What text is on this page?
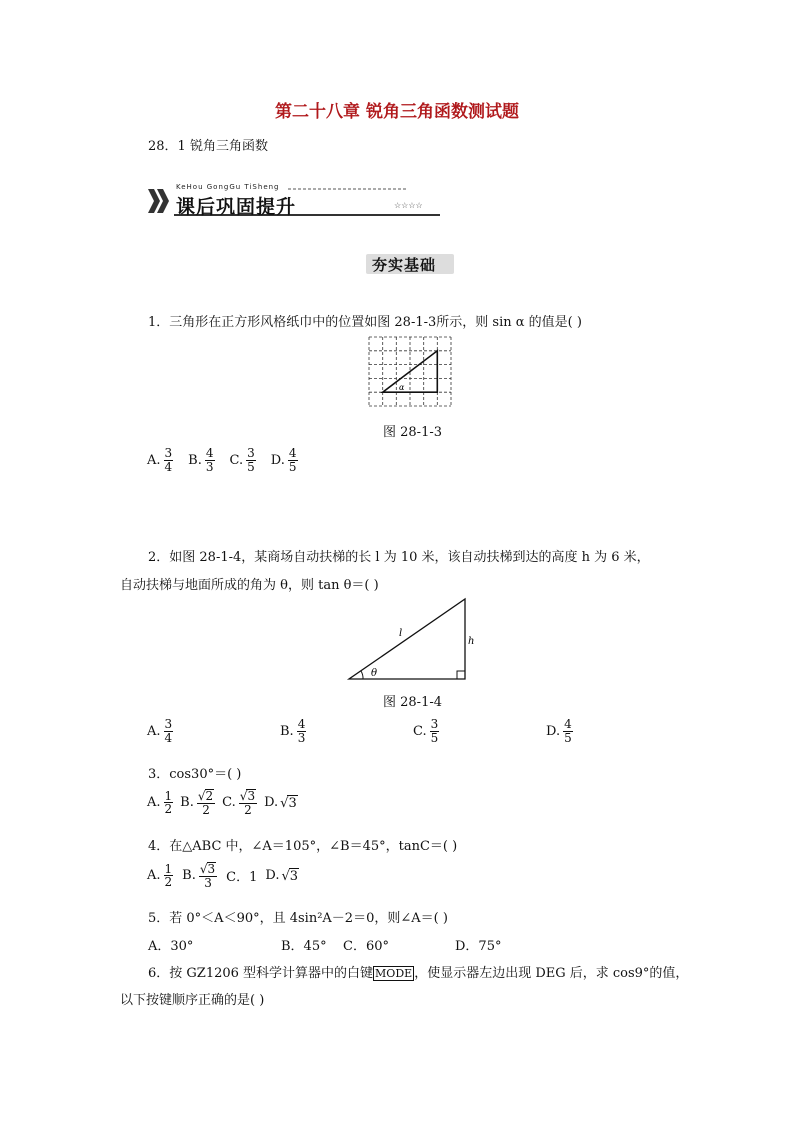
第二十八章 锐角三角函数测试题
28．1 锐角三角函数
KeHou GongGu TiSheng
课后巩固提升	☆☆☆☆
夯实基础
1．三角形在正方形风格纸巾中的位置如图 28-1-3所示，则 sin α 的值是( )
α
图 28-1-3
A. $\frac{3}{4} B$. $\frac{4}{3} C$. $\frac{3}{5} D$. $\frac{4}{5}$
2．如图 28-1-4，某商场自动扶梯的长 l 为 10 米，该自动扶梯到达的高度 h 为 6 米，
自动扶梯与地面所成的角为 θ，则 tan θ＝( )
l
h
θ
图 28-1-4
A. $\frac{3}{4}$	B. $\frac{4}{3}$	C. $\frac{3}{5}$	D. $\frac{4}{5}$
3．cos30°＝( )
A. $\frac{1}{2} B$. $\frac{√2}{2} C$. $\frac{√3}{2} D$. √3
4．在△ABC 中，∠A＝105°，∠B＝45°，tanC＝( )
A. $\frac{1}{2} B$. $\frac{√3}{3}$ C．1 D. √3
5．若 0°＜A＜90°，且 4sin²A－2＝0，则∠A＝( )
A．30°	B．45° C．60°	D．75°
6．按 GZ1206 型科学计算器中的白键 MODE ，使显示器左边出现 DEG 后，求 cos9°的值，
以下按键顺序正确的是( )
